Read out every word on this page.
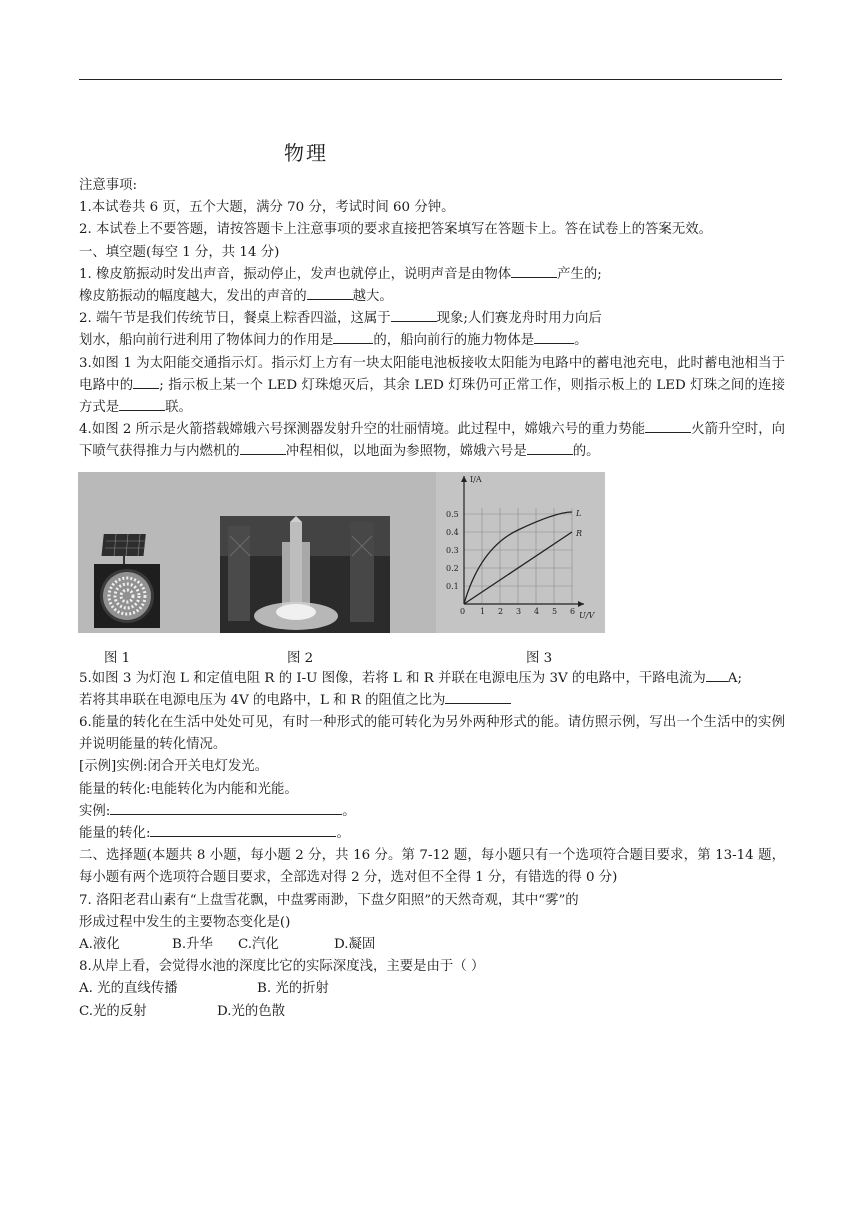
物理
注意事项:
1.本试卷共 6 页，五个大题，满分 70 分，考试时间 60 分钟。
2. 本试卷上不要答题，请按答题卡上注意事项的要求直接把答案填写在答题卡上。答在试卷上的答案无效。
一、填空题(每空 1 分，共 14 分)
1. 橡皮筋振动时发出声音，振动停止，发声也就停止，说明声音是由物体	产生的;
橡皮筋振动的幅度越大，发出的声音的	越大。
2. 端午节是我们传统节日，餐桌上粽香四溢，这属于	现象;人们赛龙舟时用力向后
划水，船向前行进利用了物体间力的作用是	的，船向前行的施力物体是	。
3.如图 1 为太阳能交通指示灯。指示灯上方有一块太阳能电池板接收太阳能为电路中的蓄电池充电，此时蓄电池相当于电路中的 ; 指示板上某一个 LED 灯珠熄灭后，其余 LED 灯珠仍可正常工作，则指示板上的 LED 灯珠之间的连接方式是	联。
4.如图 2 所示是火箭搭载嫦娥六号探测器发射升空的壮丽情境。此过程中，嫦娥六号的重力势能	火箭升空时，向下喷气获得推力与内燃机的	冲程相似，以地面为参照物，嫦娥六号是	的。
I/A
U/V
0.5
0.4
0.3
0.2
0.1
0 1 2 3 4 5 6
L
R
图 1	图 2	图 3
5.如图 3 为灯泡 L 和定值电阻 R 的 I-U 图像，若将 L 和 R 并联在电源电压为 3V 的电路中，干路电流为 A;
若将其串联在电源电压为 4V 的电路中，L 和 R 的阻值之比为
6.能量的转化在生活中处处可见，有时一种形式的能可转化为另外两种形式的能。请仿照示例，写出一个生活中的实例并说明能量的转化情况。
[示例]实例:闭合开关电灯发光。
能量的转化:电能转化为内能和光能。
实例:	。
能量的转化:	。
二、选择题(本题共 8 小题，每小题 2 分，共 16 分。第 7-12 题，每小题只有一个选项符合题目要求，第 13-14 题，每小题有两个选项符合题目要求，全部选对得 2 分，选对但不全得 1 分，有错选的得 0 分)
7. 洛阳老君山素有“上盘雪花飘，中盘雾雨渺，下盘夕阳照”的天然奇观，其中“雾”的
形成过程中发生的主要物态变化是()
A.液化	B.升华 C.汽化	D.凝固
8.从岸上看，会觉得水池的深度比它的实际深度浅，主要是由于（ ）
A. 光的直线传播	B. 光的折射
C.光的反射	D.光的色散
